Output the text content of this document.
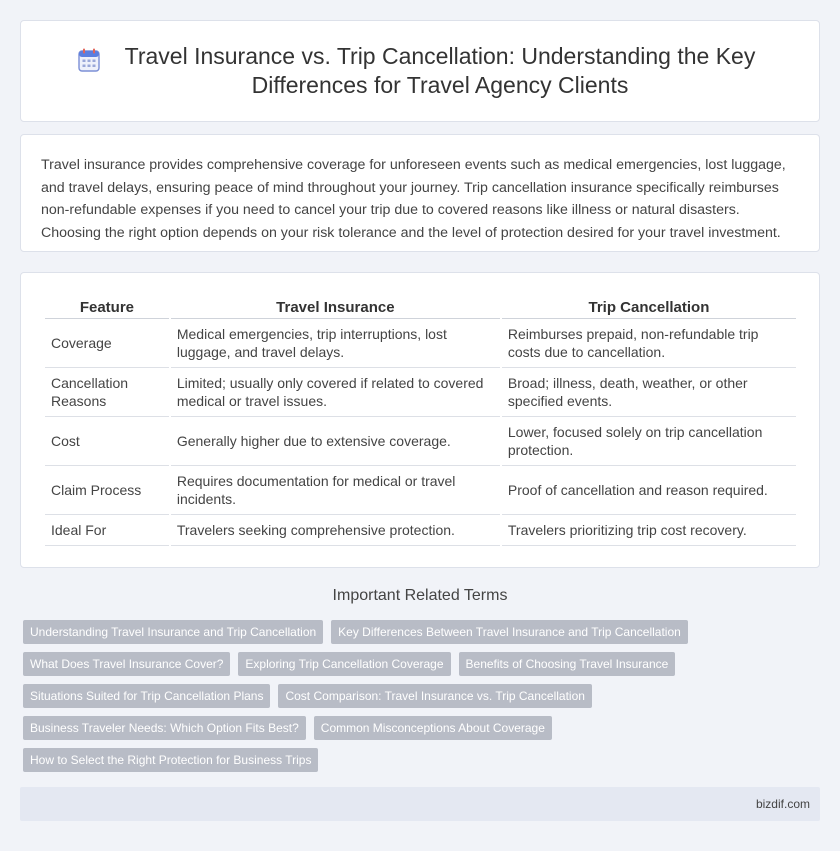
Travel Insurance vs. Trip Cancellation: Understanding the Key Differences for Travel Agency Clients

Travel insurance provides comprehensive coverage for unforeseen events such as medical emergencies, lost luggage, and travel delays, ensuring peace of mind throughout your journey. Trip cancellation insurance specifically reimburses non-refundable expenses if you need to cancel your trip due to covered reasons like illness or natural disasters. Choosing the right option depends on your risk tolerance and the level of protection desired for your travel investment.

Feature	Travel Insurance	Trip Cancellation
Coverage	Medical emergencies, trip interruptions, lost luggage, and travel delays.	Reimburses prepaid, non-refundable trip costs due to cancellation.
Cancellation Reasons	Limited; usually only covered if related to covered medical or travel issues.	Broad; illness, death, weather, or other specified events.
Cost	Generally higher due to extensive coverage.	Lower, focused solely on trip cancellation protection.
Claim Process	Requires documentation for medical or travel incidents.	Proof of cancellation and reason required.
Ideal For	Travelers seeking comprehensive protection.	Travelers prioritizing trip cost recovery.
Important Related Terms
Understanding Travel Insurance and Trip Cancellation	Key Differences Between Travel Insurance and Trip Cancellation
What Does Travel Insurance Cover?	Exploring Trip Cancellation Coverage	Benefits of Choosing Travel Insurance
Situations Suited for Trip Cancellation Plans	Cost Comparison: Travel Insurance vs. Trip Cancellation
Business Traveler Needs: Which Option Fits Best?	Common Misconceptions About Coverage
How to Select the Right Protection for Business Trips
bizdif.com
